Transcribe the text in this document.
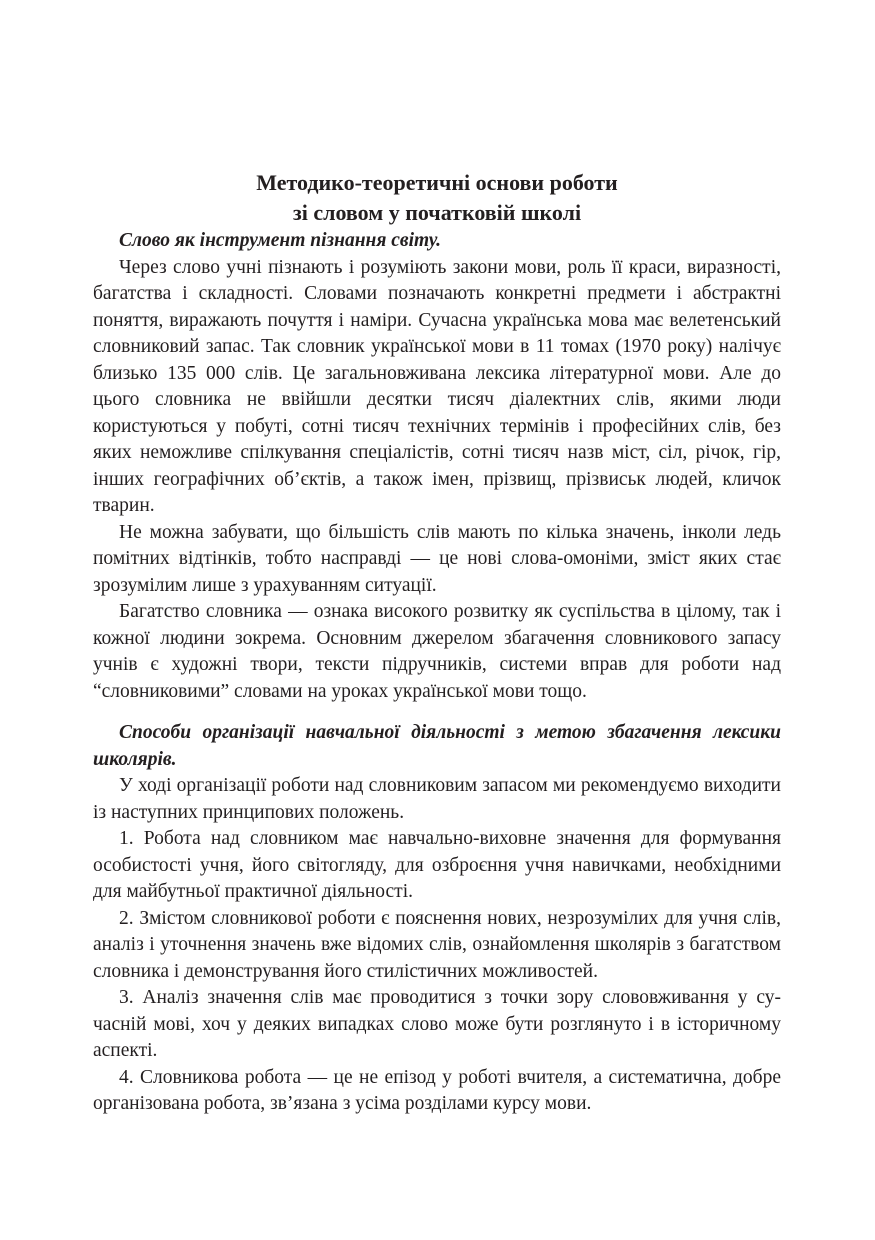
Методико-теоретичні основи роботи
зі словом у початковій школі

Слово як інструмент пізнання світу.

Через слово учні пізнають і розуміють закони мови, роль її краси, виразності, багатства і складності. Словами позначають конкретні предмети і абстрактні поняття, виражають почуття і наміри. Сучасна українська мова має велетенський словниковий запас. Так словник української мови в 11 томах (1970 року) налічує близько 135 000 слів. Це загальновживана лексика літературної мови. Але до цього словника не ввійшли десятки тисяч діалектних слів, якими люди користуються у побуті, сотні тисяч технічних термінів і професійних слів, без яких неможливе спілкування спеціалістів, сотні тисяч назв міст, сіл, річок, гір, інших географічних об’єктів, а також імен, прізвищ, прізвиськ людей, кличок тварин.

Не можна забувати, що більшість слів мають по кілька значень, інколи ледь помітних відтінків, тобто насправді — це нові слова-омоніми, зміст яких стає зрозумілим лише з урахуванням ситуації.

Багатство словника — ознака високого розвитку як суспільства в цілому, так і кожної людини зокрема. Основним джерелом збагачення словникового запасу учнів є художні твори, тексти підручників, системи вправ для роботи над “словниковими” словами на уроках української мови тощо.

Способи організації навчальної діяльності з метою збагачення лексики школярів.

У ході організації роботи над словниковим запасом ми рекомендуємо виходити із наступних принципових положень.

1. Робота над словником має навчально-виховне значення для формування особистості учня, його світогляду, для озброєння учня навичками, необхідними для майбутньої практичної діяльності.

2. Змістом словникової роботи є пояснення нових, незрозумілих для учня слів, аналіз і уточнення значень вже відомих слів, ознайомлення школярів з багатством словника і демонстрування його стилістичних можливостей.

3. Аналіз значення слів має проводитися з точки зору слововживання у сучасній мові, хоч у деяких випадках слово може бути розглянуто і в історичному аспекті.

4. Словникова робота — це не епізод у роботі вчителя, а систематична, добре організована робота, зв’язана з усіма розділами курсу мови.
